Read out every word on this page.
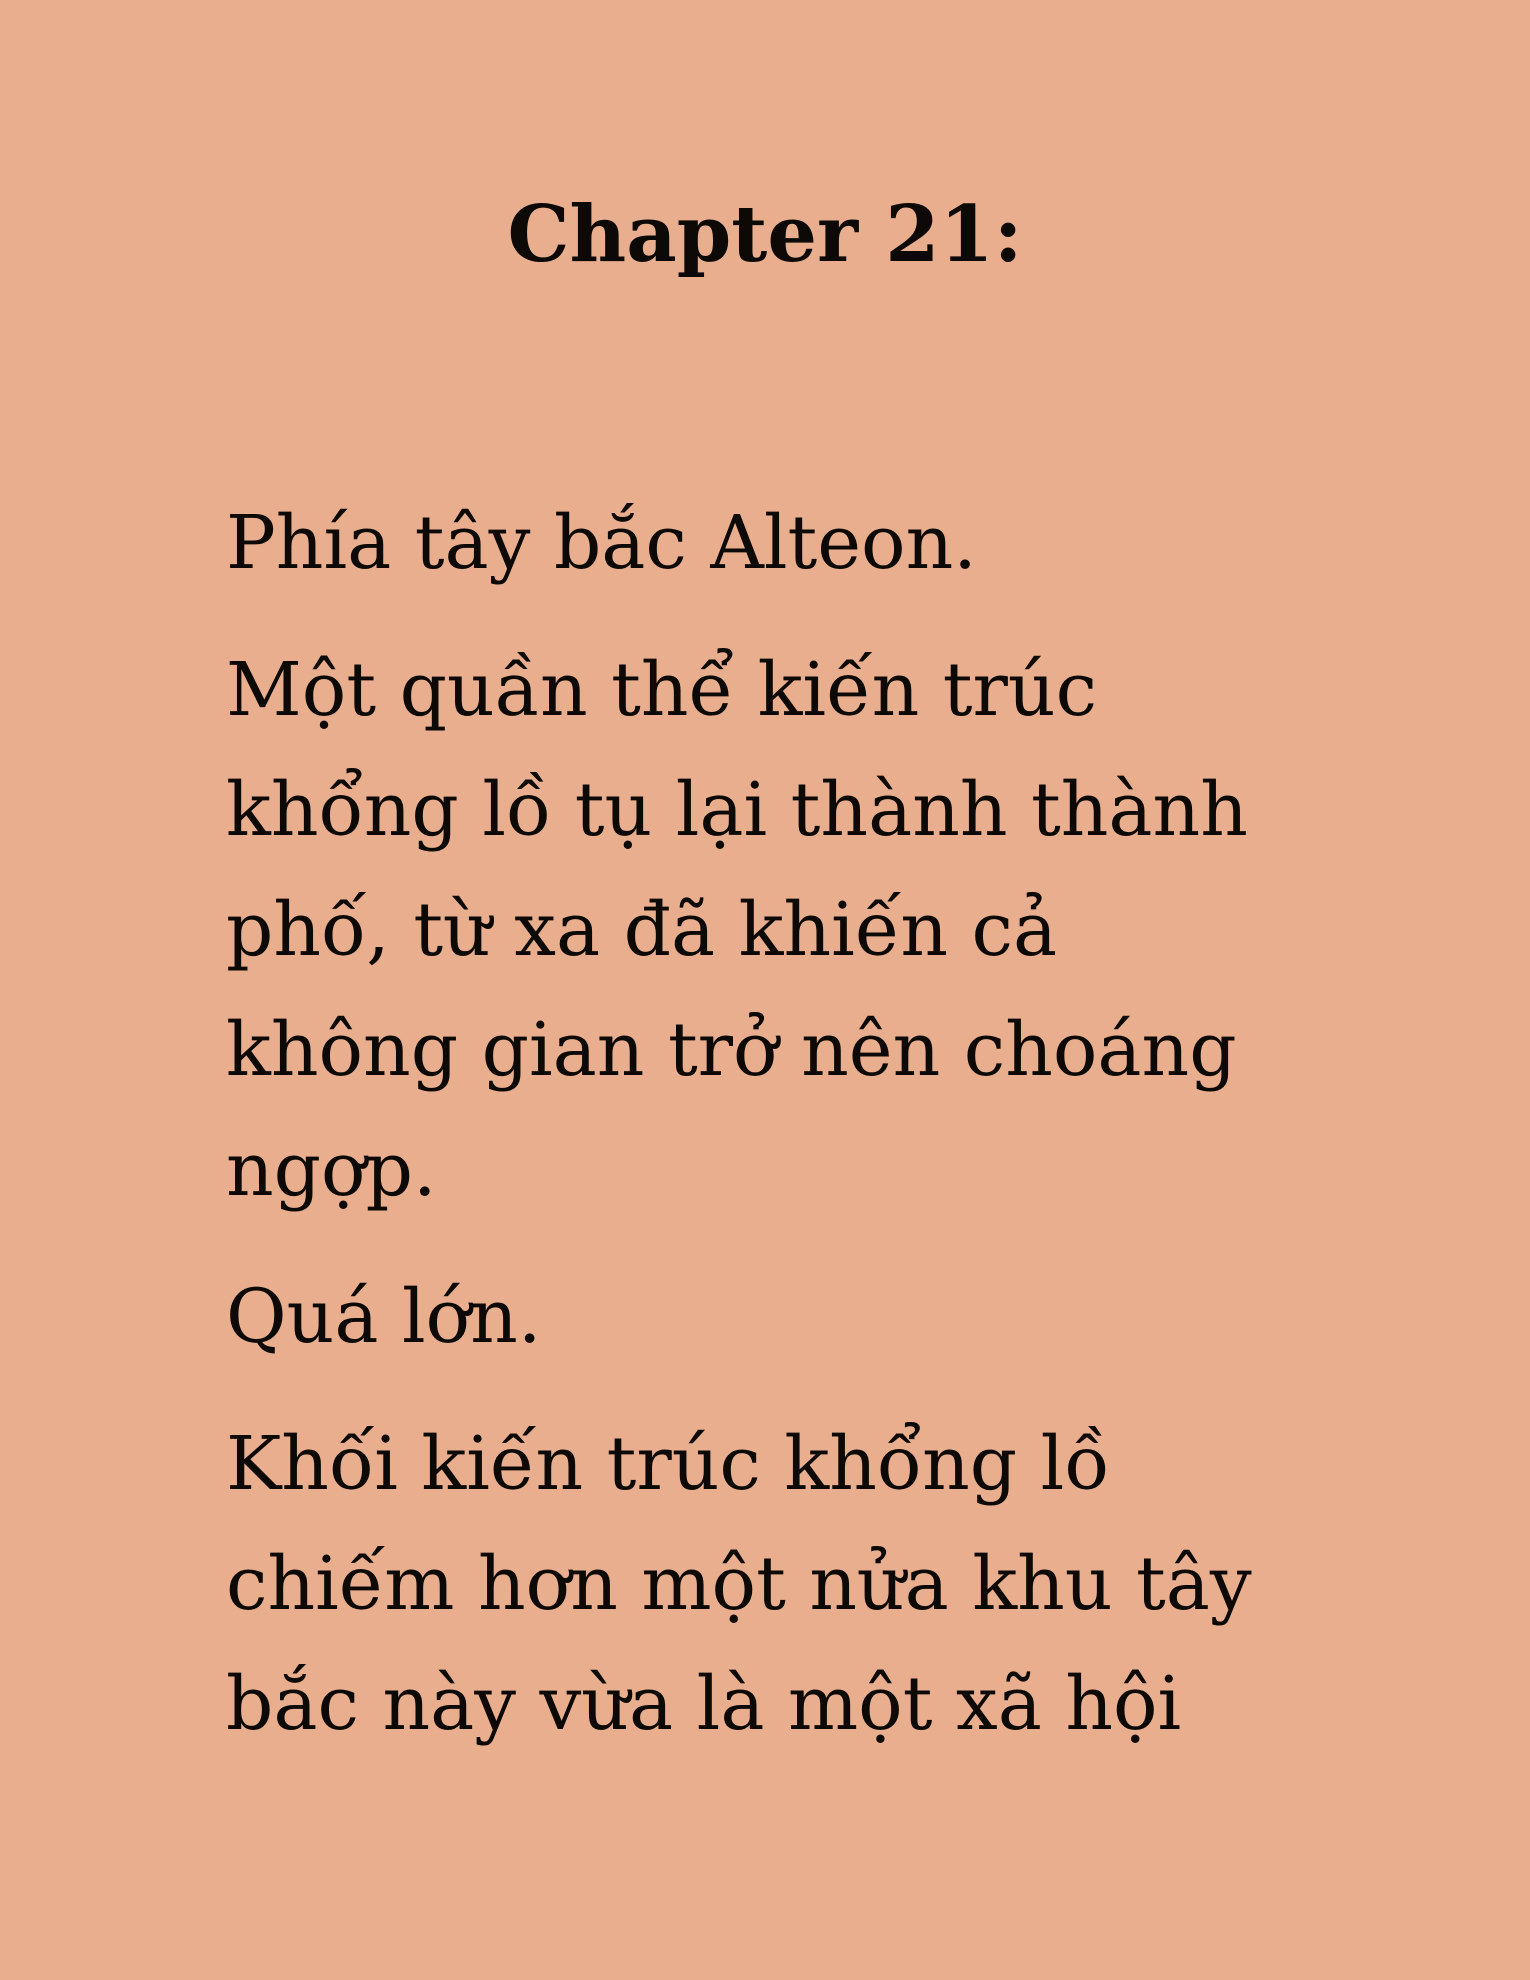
Chapter 21:

Phía tây bắc Alteon.

Một quần thể kiến trúc
khổng lồ tụ lại thành thành
phố, từ xa đã khiến cả
không gian trở nên choáng
ngợp.

Quá lớn.

Khối kiến trúc khổng lồ
chiếm hơn một nửa khu tây
bắc này vừa là một xã hội
